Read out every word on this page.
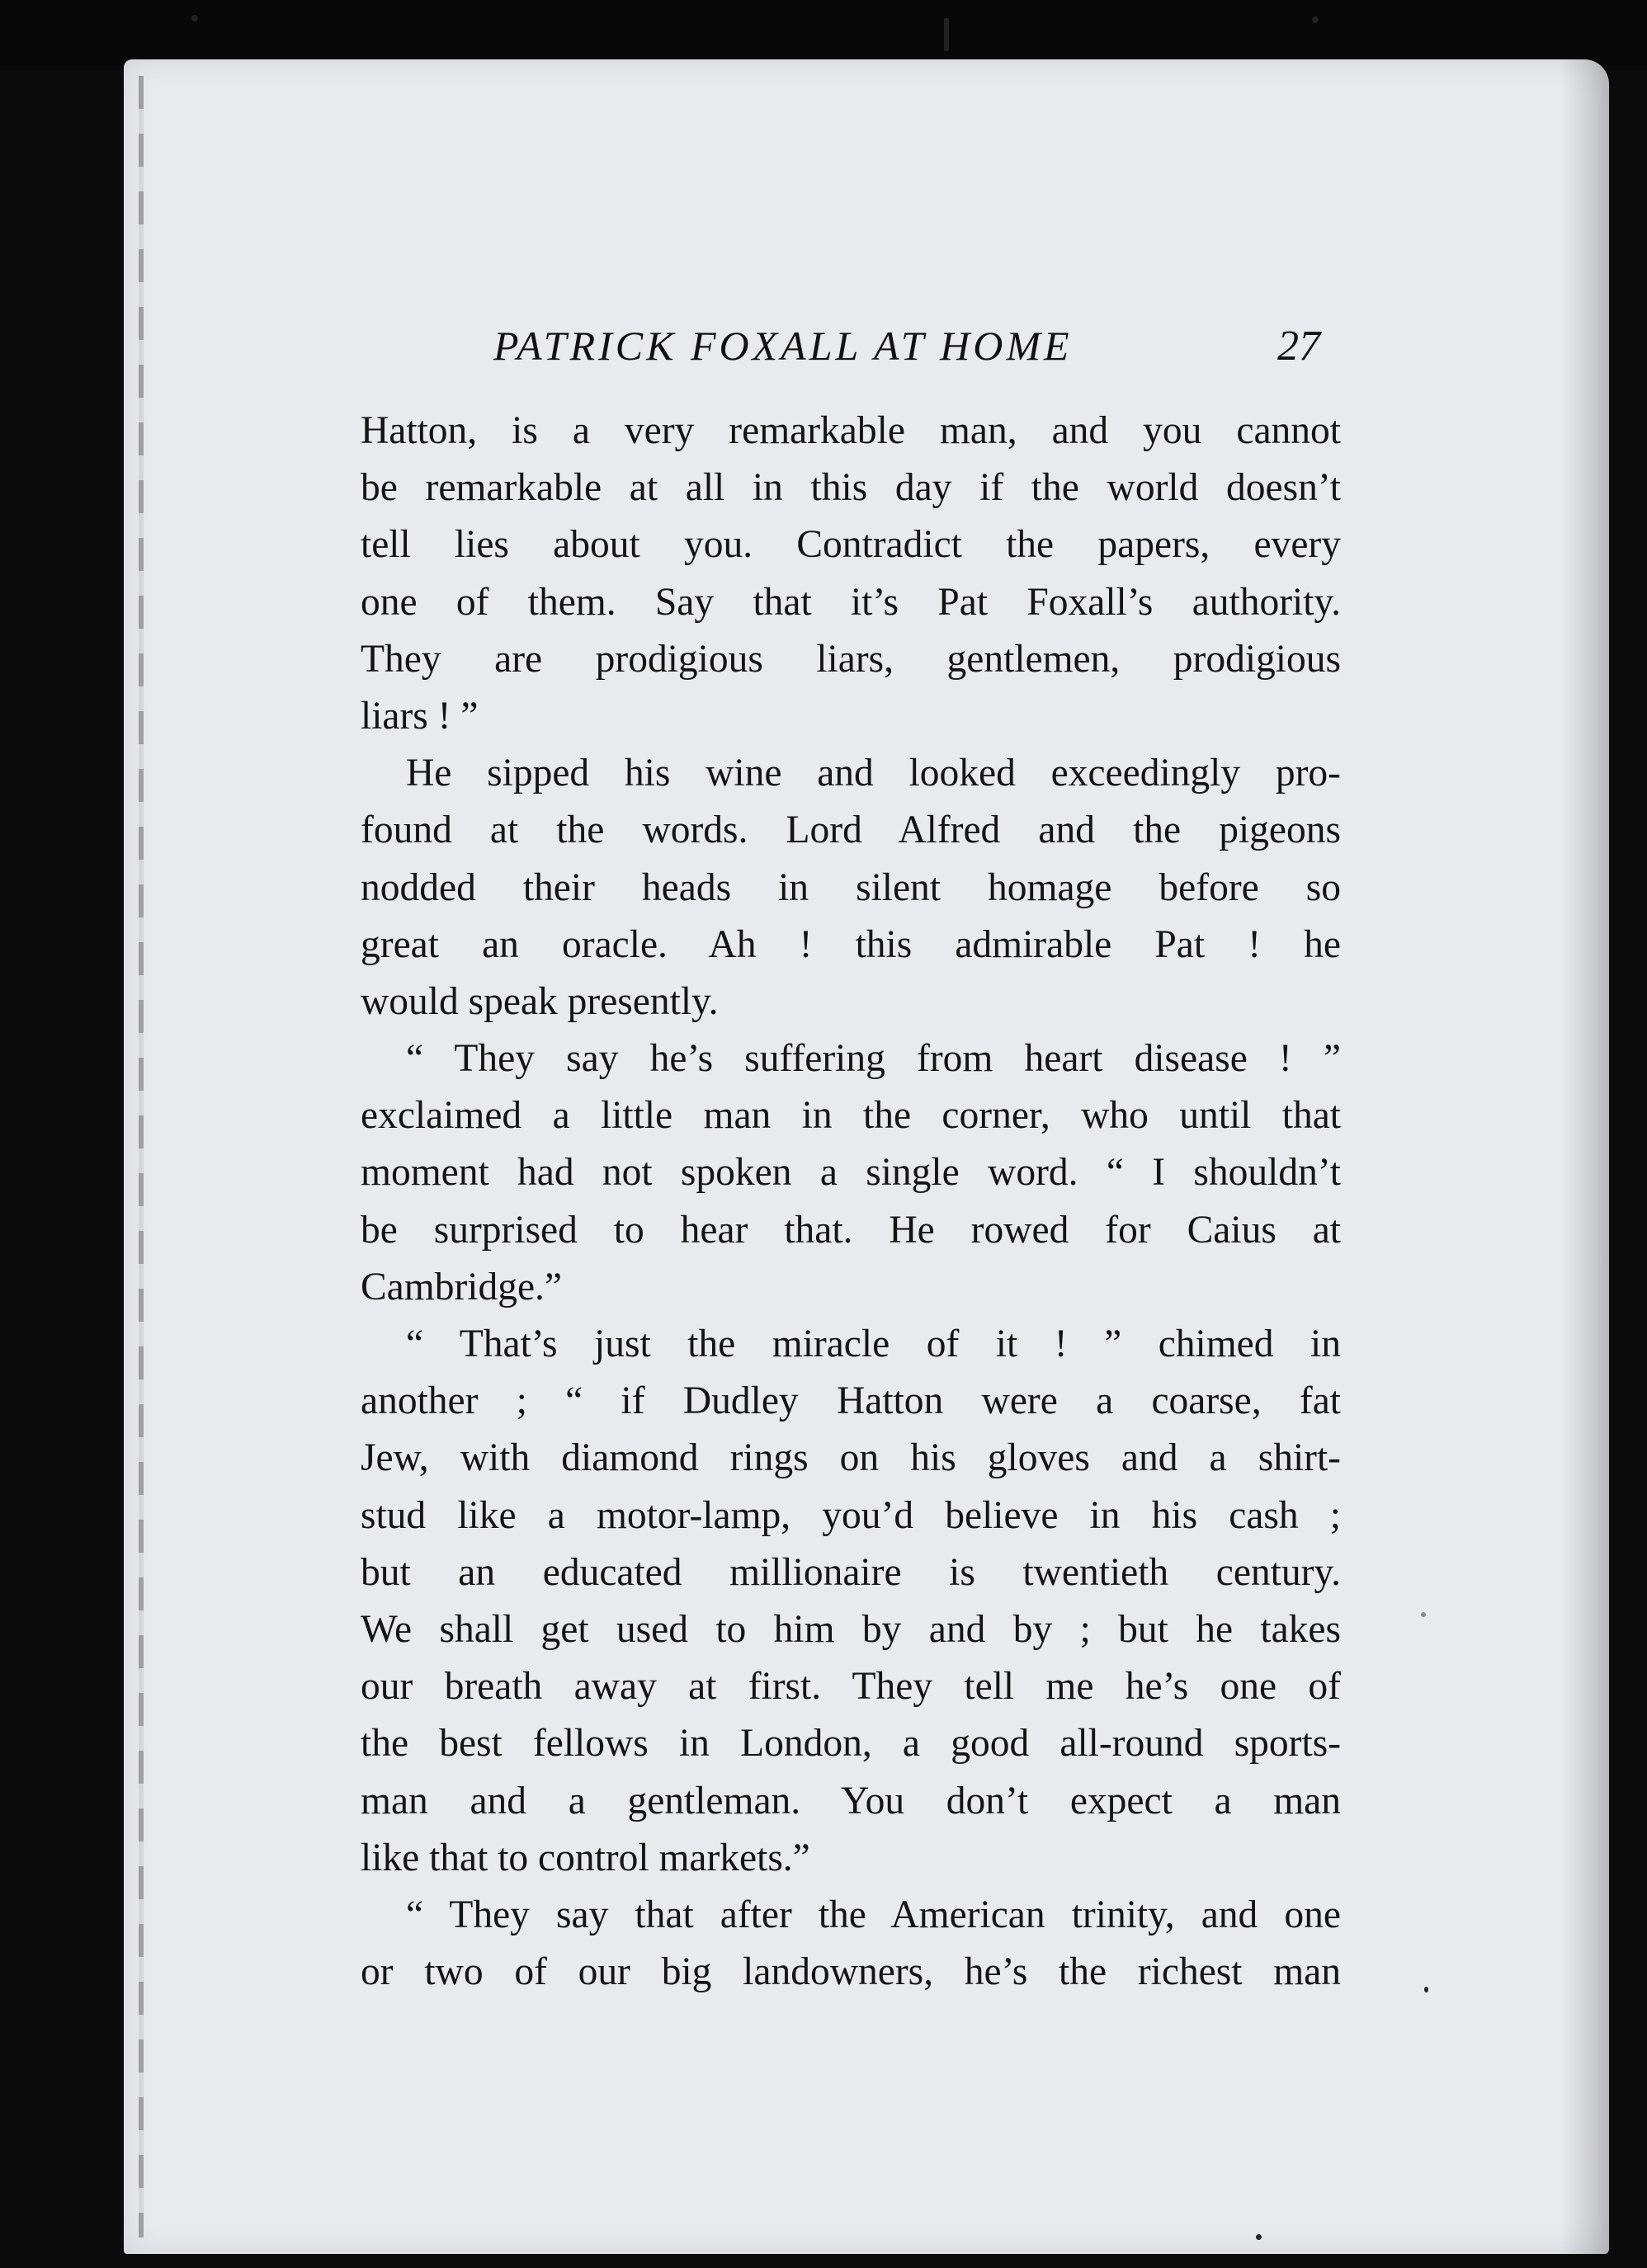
PATRICK FOXALL AT HOME	27
Hatton, is a very remarkable man, and you cannot
be remarkable at all in this day if the world doesn’t
tell lies about you. Contradict the papers, every
one of them. Say that it’s Pat Foxall’s authority.
They are prodigious liars, gentlemen, prodigious
liars ! ”
He sipped his wine and looked exceedingly pro-
found at the words. Lord Alfred and the pigeons
nodded their heads in silent homage before so
great an oracle. Ah ! this admirable Pat ! he
would speak presently.
“ They say he’s suffering from heart disease ! ”
exclaimed a little man in the corner, who until that
moment had not spoken a single word. “ I shouldn’t
be surprised to hear that. He rowed for Caius at
Cambridge.”
“ That’s just the miracle of it ! ” chimed in
another ; “ if Dudley Hatton were a coarse, fat
Jew, with diamond rings on his gloves and a shirt-
stud like a motor-lamp, you’d believe in his cash ;
but an educated millionaire is twentieth century.
We shall get used to him by and by ; but he takes
our breath away at first. They tell me he’s one of
the best fellows in London, a good all-round sports-
man and a gentleman. You don’t expect a man
like that to control markets.”
“ They say that after the American trinity, and one
or two of our big landowners, he’s the richest man
